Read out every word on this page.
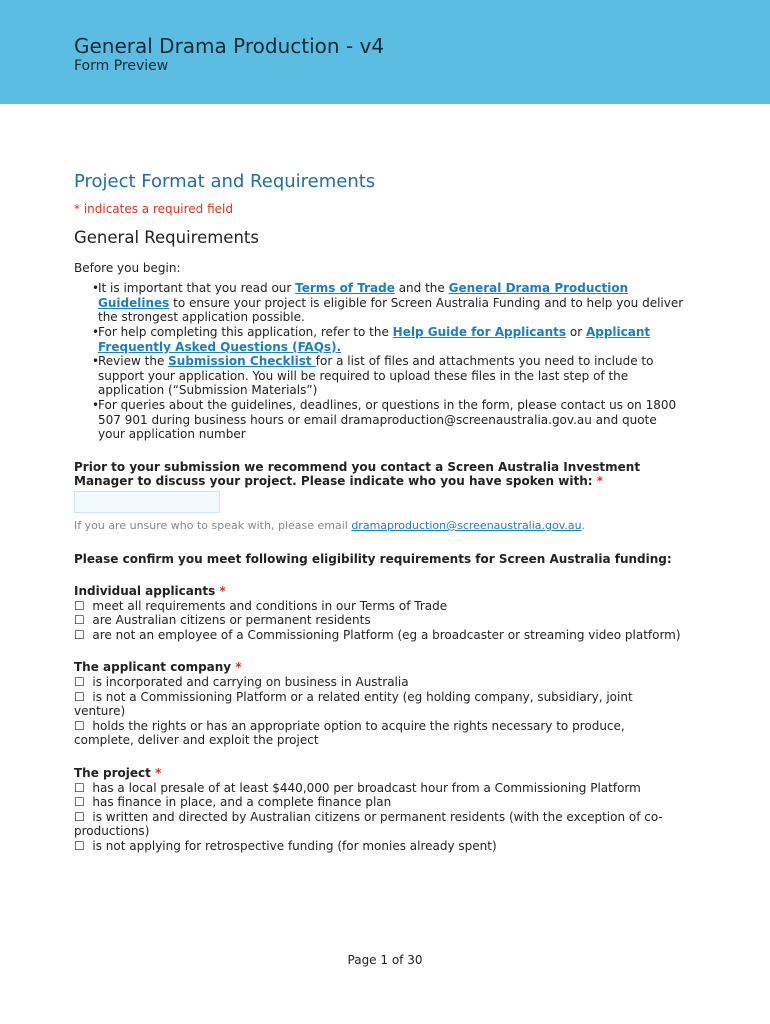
General Drama Production - v4
Form Preview
Project Format and Requirements
* indicates a required field
General Requirements
Before you begin:
•
It is important that you read our Terms of Trade and the General Drama Production Guidelines to ensure your project is eligible for Screen Australia Funding and to help you deliver the strongest application possible.
•
For help completing this application, refer to the Help Guide for Applicants or Applicant Frequently Asked Questions (FAQs).
•
Review the Submission Checklist for a list of files and attachments you need to include to support your application. You will be required to upload these files in the last step of the application (“Submission Materials”)
•
For queries about the guidelines, deadlines, or questions in the form, please contact us on 1800 507 901 during business hours or email dramaproduction@screenaustralia.gov.au and quote your application number
Prior to your submission we recommend you contact a Screen Australia Investment Manager to discuss your project. Please indicate who you have spoken with: *
If you are unsure who to speak with, please email dramaproduction@screenaustralia.gov.au.
Please confirm you meet following eligibility requirements for Screen Australia funding:
Individual applicants *
☐ meet all requirements and conditions in our Terms of Trade
☐ are Australian citizens or permanent residents
☐ are not an employee of a Commissioning Platform (eg a broadcaster or streaming video platform)
The applicant company *
☐ is incorporated and carrying on business in Australia
☐ is not a Commissioning Platform or a related entity (eg holding company, subsidiary, joint venture)
☐ holds the rights or has an appropriate option to acquire the rights necessary to produce, complete, deliver and exploit the project
The project *
☐ has a local presale of at least $440,000 per broadcast hour from a Commissioning Platform
☐ has finance in place, and a complete finance plan
☐ is written and directed by Australian citizens or permanent residents (with the exception of co- productions)
☐ is not applying for retrospective funding (for monies already spent)
Page 1 of 30
